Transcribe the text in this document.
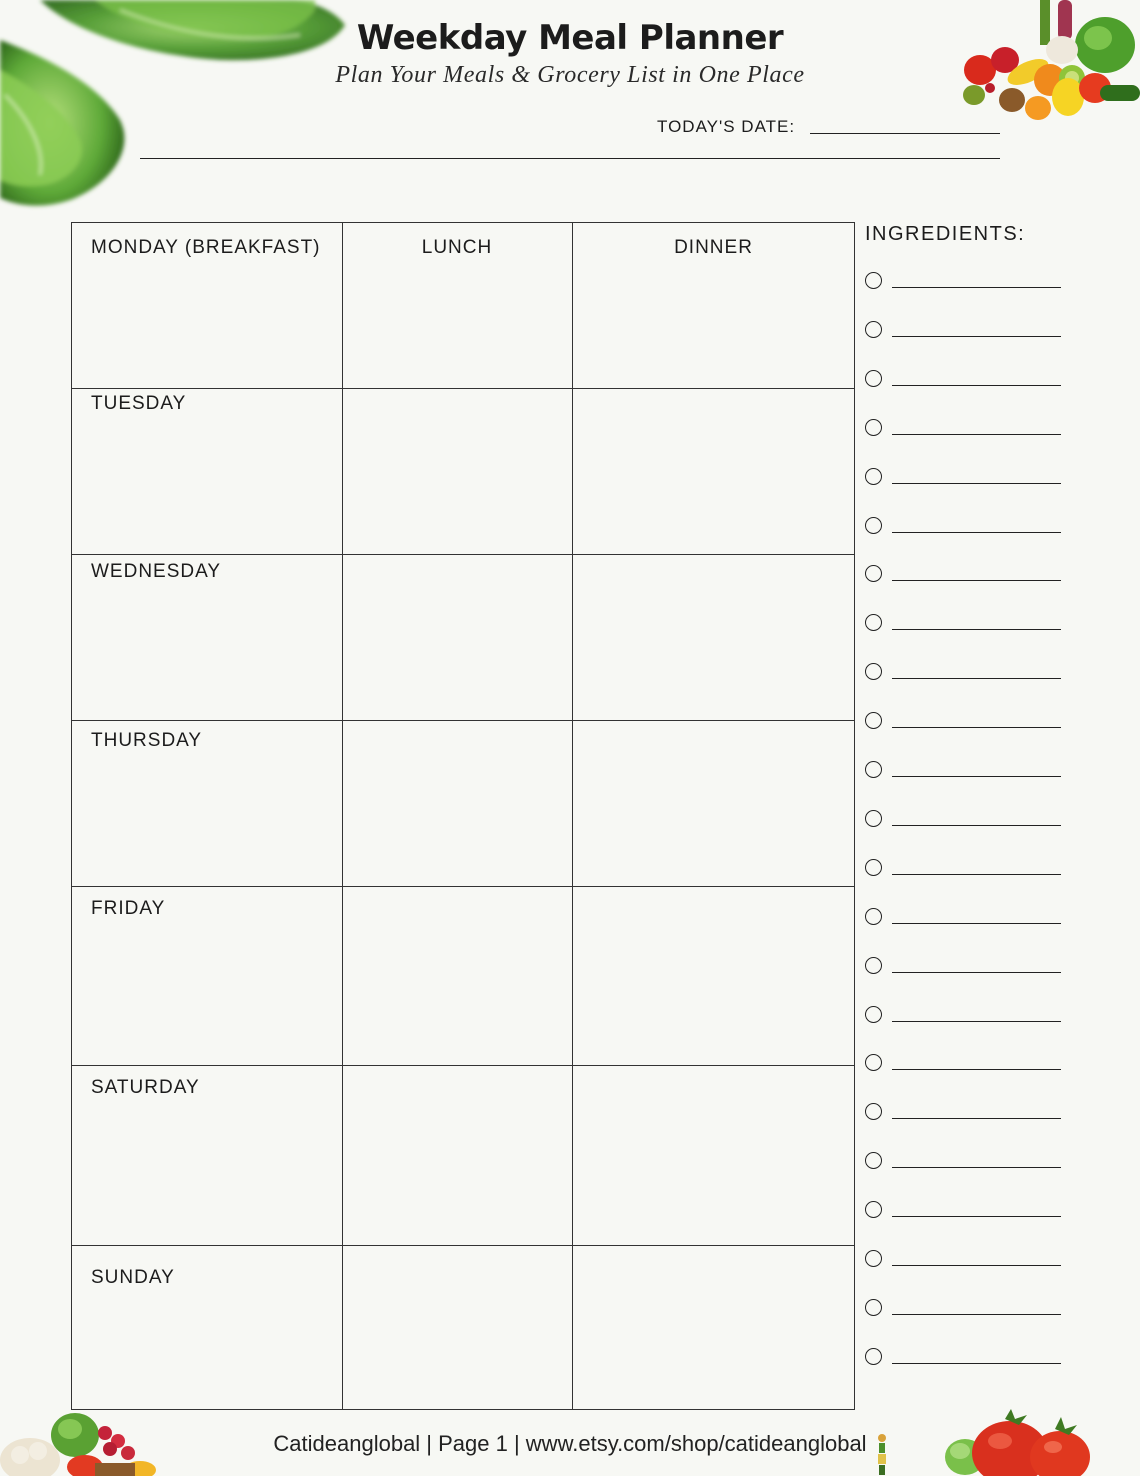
Weekday Meal Planner
Plan Your Meals & Grocery List in One Place
TODAY'S DATE:
MONDAY (BREAKFAST)	LUNCH	DINNER
TUESDAY
WEDNESDAY
THURSDAY
FRIDAY
SATURDAY
SUNDAY
INGREDIENTS:
Catideanglobal | Page 1 | www.etsy.com/shop/catideanglobal
